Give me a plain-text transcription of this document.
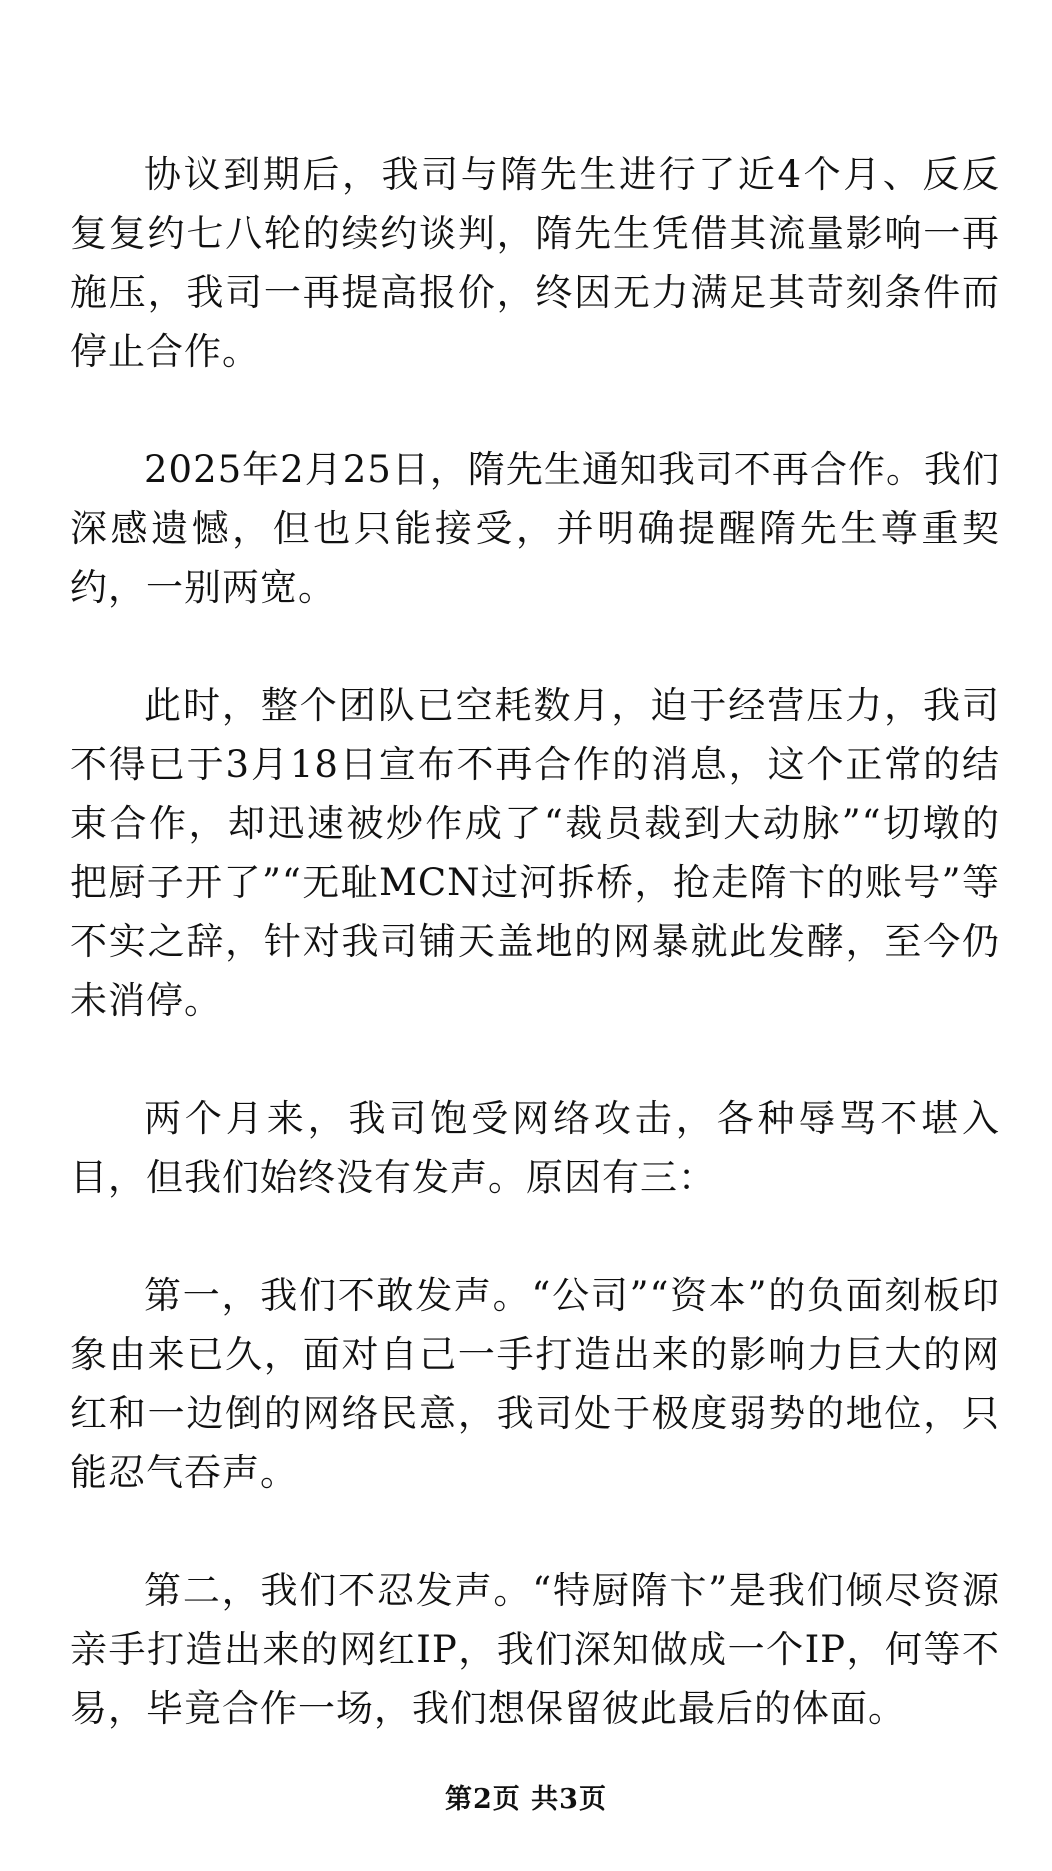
协议到期后，我司与隋先生进行了近4个月、反反复复约七八轮的续约谈判，隋先生凭借其流量影响一再施压，我司一再提高报价，终因无力满足其苛刻条件而停止合作。

2025年2月25日，隋先生通知我司不再合作。我们深感遗憾，但也只能接受，并明确提醒隋先生尊重契约，一别两宽。

此时，整个团队已空耗数月，迫于经营压力，我司不得已于3月18日宣布不再合作的消息，这个正常的结束合作，却迅速被炒作成了“裁员裁到大动脉”“切墩的把厨子开了”“无耻MCN过河拆桥，抢走隋卞的账号”等不实之辞，针对我司铺天盖地的网暴就此发酵，至今仍未消停。

两个月来，我司饱受网络攻击，各种辱骂不堪入目，但我们始终没有发声。原因有三：

第一，我们不敢发声。“公司”“资本”的负面刻板印象由来已久，面对自己一手打造出来的影响力巨大的网红和一边倒的网络民意，我司处于极度弱势的地位，只能忍气吞声。

第二，我们不忍发声。“特厨隋卞”是我们倾尽资源亲手打造出来的网红IP，我们深知做成一个IP，何等不易，毕竟合作一场，我们想保留彼此最后的体面。

第2页 共3页
